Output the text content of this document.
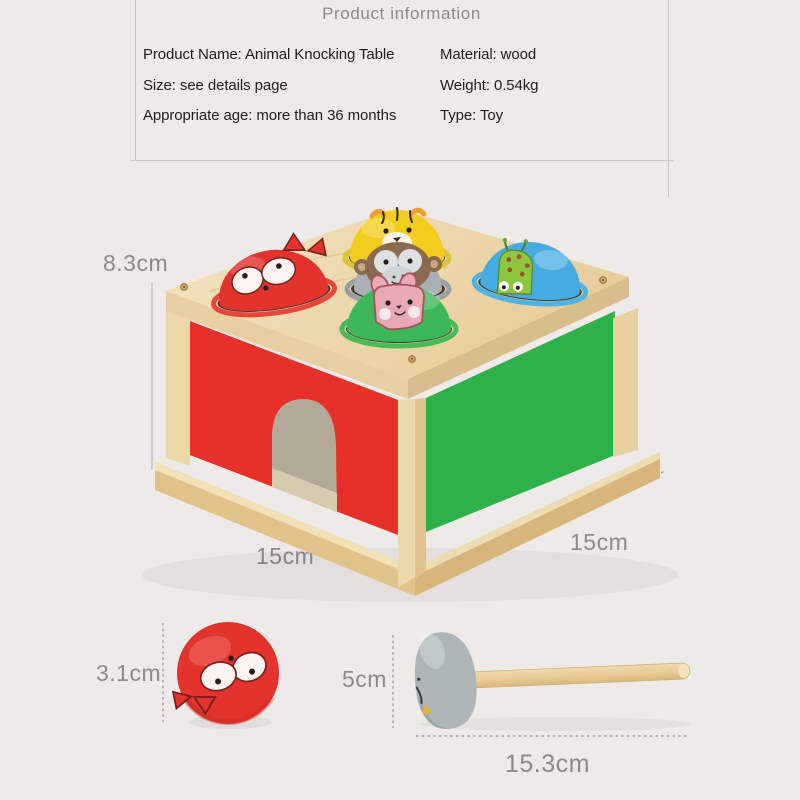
Product information
Product Name: Animal Knocking Table	Material: wood
Size: see details page	Weight: 0.54kg
Appropriate age: more than 36 months	Type: Toy
8.3cm
15cm
15cm
3.1cm	5cm
15.3cm
